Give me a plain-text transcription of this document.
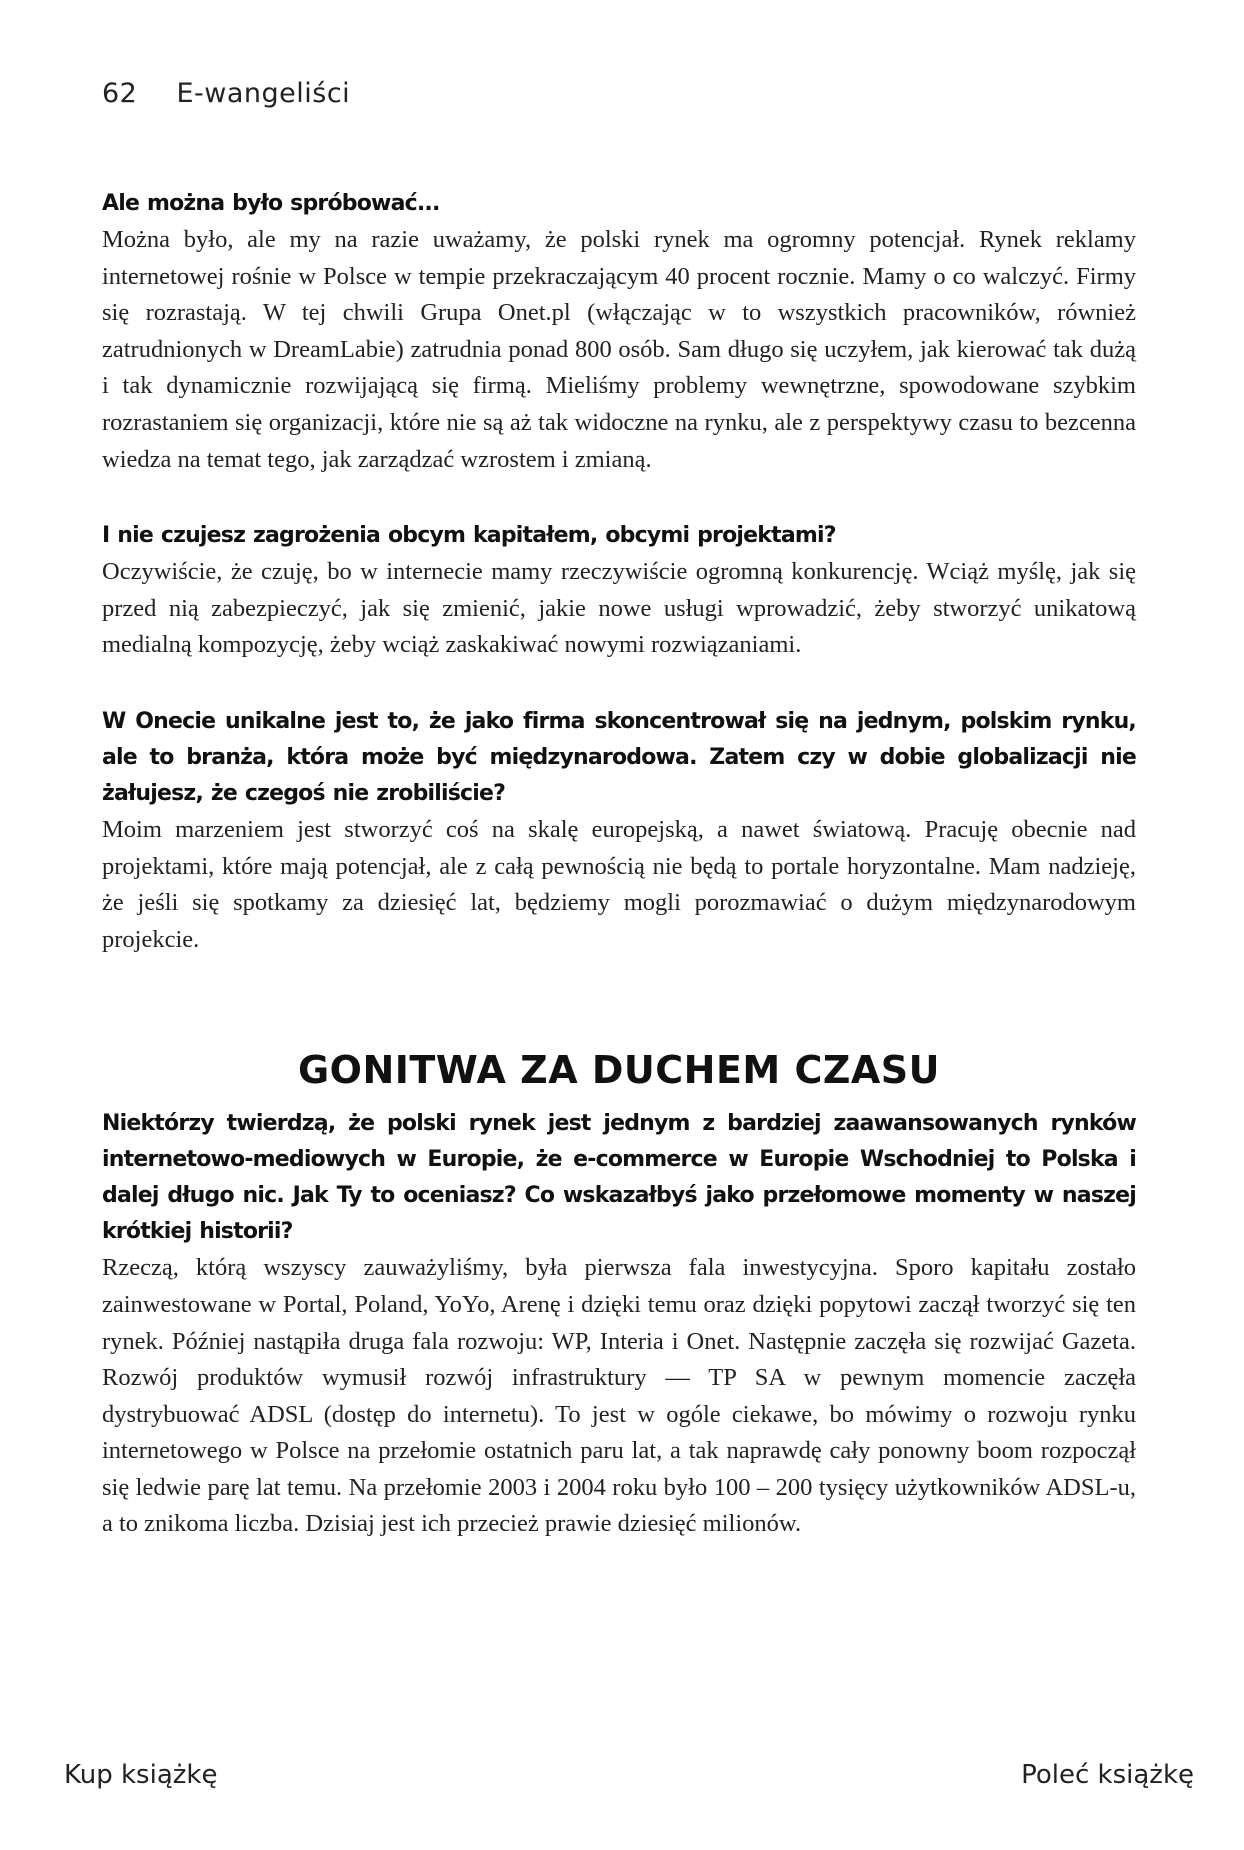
62 E-wangeliści

Ale można było spróbować...

Można było, ale my na razie uważamy, że polski rynek ma ogromny potencjał. Rynek reklamy internetowej rośnie w Polsce w tempie przekraczającym 40 procent rocznie. Mamy o co walczyć. Firmy się rozrastają. W tej chwili Grupa Onet.pl (włączając w to wszystkich pracowników, również zatrudnionych w DreamLabie) zatrudnia ponad 800 osób. Sam długo się uczyłem, jak kierować tak dużą i tak dynamicznie rozwijającą się firmą. Mieliśmy problemy wewnętrzne, spowodowane szybkim rozrastaniem się organizacji, które nie są aż tak widoczne na rynku, ale z perspektywy czasu to bezcenna wiedza na temat tego, jak zarządzać wzrostem i zmianą.

I nie czujesz zagrożenia obcym kapitałem, obcymi projektami?

Oczywiście, że czuję, bo w internecie mamy rzeczywiście ogromną konkurencję. Wciąż myślę, jak się przed nią zabezpieczyć, jak się zmienić, jakie nowe usługi wprowadzić, żeby stworzyć unikatową medialną kompozycję, żeby wciąż zaskakiwać nowymi rozwiązaniami.

W Onecie unikalne jest to, że jako firma skoncentrował się na jednym, polskim rynku, ale to branża, która może być międzynarodowa. Zatem czy w dobie globalizacji nie żałujesz, że czegoś nie zrobiliście?

Moim marzeniem jest stworzyć coś na skalę europejską, a nawet światową. Pracuję obecnie nad projektami, które mają potencjał, ale z całą pewnością nie będą to portale horyzontalne. Mam nadzieję, że jeśli się spotkamy za dziesięć lat, będziemy mogli porozmawiać o dużym międzynarodowym projekcie.

GONITWA ZA DUCHEM CZASU

Niektórzy twierdzą, że polski rynek jest jednym z bardziej zaawansowanych rynków internetowo-mediowych w Europie, że e-commerce w Europie Wschodniej to Polska i dalej długo nic. Jak Ty to oceniasz? Co wskazałbyś jako przełomowe momenty w naszej krótkiej historii?

Rzeczą, którą wszyscy zauważyliśmy, była pierwsza fala inwestycyjna. Sporo kapitału zostało zainwestowane w Portal, Poland, YoYo, Arenę i dzięki temu oraz dzięki popytowi zaczął tworzyć się ten rynek. Później nastąpiła druga fala rozwoju: WP, Interia i Onet. Następnie zaczęła się rozwijać Gazeta. Rozwój produktów wymusił rozwój infrastruktury — TP SA w pewnym momencie zaczęła dystrybuować ADSL (dostęp do internetu). To jest w ogóle ciekawe, bo mówimy o rozwoju rynku internetowego w Polsce na przełomie ostatnich paru lat, a tak naprawdę cały ponowny boom rozpoczął się ledwie parę lat temu. Na przełomie 2003 i 2004 roku było 100 – 200 tysięcy użytkowników ADSL-u, a to znikoma liczba. Dzisiaj jest ich przecież prawie dziesięć milionów.

Kup książkę	Poleć książkę
